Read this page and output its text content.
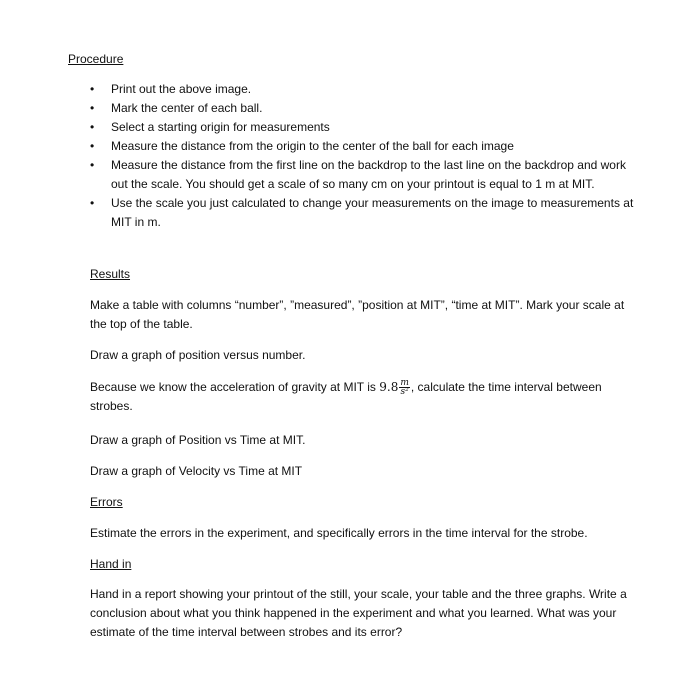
Procedure
• Print out the above image.
• Mark the center of each ball.
• Select a starting origin for measurements
• Measure the distance from the origin to the center of the ball for each image
• Measure the distance from the first line on the backdrop to the last line on the backdrop and work out the scale. You should get a scale of so many cm on your printout is equal to 1 m at MIT.
• Use the scale you just calculated to change your measurements on the image to measurements at MIT in m.
Results

Make a table with columns “number”, ”measured”, ”position at MIT”, “time at MIT”. Mark your scale at the top of the table.

Draw a graph of position versus number.

Because we know the acceleration of gravity at MIT is $9.8 \frac{m}{\text{s²}}$ , calculate the time interval between strobes.

Draw a graph of Position vs Time at MIT.

Draw a graph of Velocity vs Time at MIT

Errors

Estimate the errors in the experiment, and specifically errors in the time interval for the strobe.

Hand in

Hand in a report showing your printout of the still, your scale, your table and the three graphs. Write a conclusion about what you think happened in the experiment and what you learned. What was your estimate of the time interval between strobes and its error?
